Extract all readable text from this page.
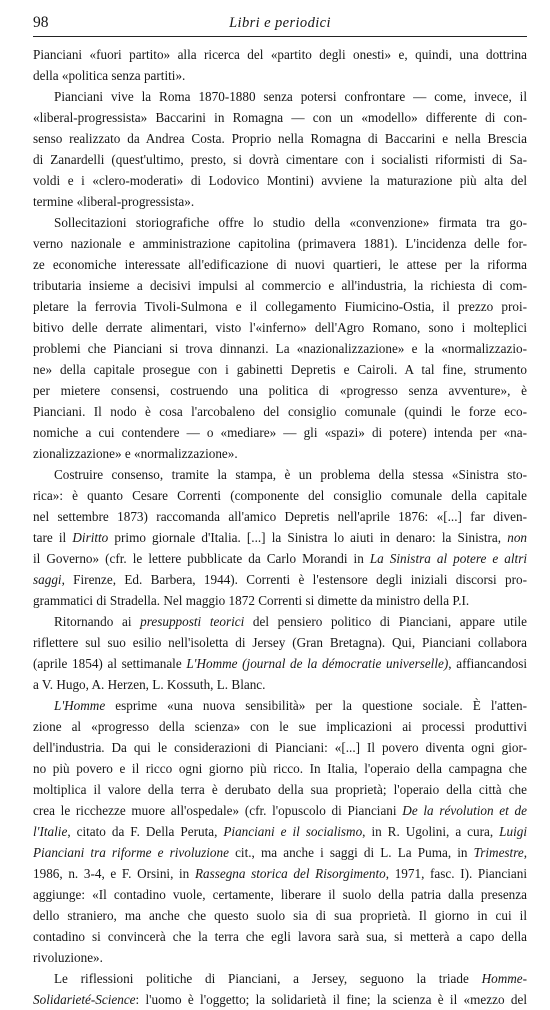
98	Libri e periodici
Pianciani «fuori partito» alla ricerca del «partito degli onesti» e, quindi, una dottrina
della «politica senza partiti».
Pianciani vive la Roma 1870-1880 senza potersi confrontare — come, invece, il
«liberal-progressista» Baccarini in Romagna — con un «modello» differente di con-
senso realizzato da Andrea Costa. Proprio nella Romagna di Baccarini e nella Brescia
di Zanardelli (quest'ultimo, presto, si dovrà cimentare con i socialisti riformisti di Sa-
voldi e i «clero-moderati» di Lodovico Montini) avviene la maturazione più alta del
termine «liberal-progressista».
Sollecitazioni storiografiche offre lo studio della «convenzione» firmata tra go-
verno nazionale e amministrazione capitolina (primavera 1881). L'incidenza delle for-
ze economiche interessate all'edificazione di nuovi quartieri, le attese per la riforma
tributaria insieme a decisivi impulsi al commercio e all'industria, la richiesta di com-
pletare la ferrovia Tivoli-Sulmona e il collegamento Fiumicino-Ostia, il prezzo proi-
bitivo delle derrate alimentari, visto l'«inferno» dell'Agro Romano, sono i molteplici
problemi che Pianciani si trova dinnanzi. La «nazionalizzazione» e la «normalizzazio-
ne» della capitale prosegue con i gabinetti Depretis e Cairoli. A tal fine, strumento
per mietere consensi, costruendo una politica di «progresso senza avventure», è
Pianciani. Il nodo è cosa l'arcobaleno del consiglio comunale (quindi le forze eco-
nomiche a cui contendere — o «mediare» — gli «spazi» di potere) intenda per «na-
zionalizzazione» e «normalizzazione».
Costruire consenso, tramite la stampa, è un problema della stessa «Sinistra sto-
rica»: è quanto Cesare Correnti (componente del consiglio comunale della capitale
nel settembre 1873) raccomanda all'amico Depretis nell'aprile 1876: «[...] far diven-
tare il Diritto primo giornale d'Italia. [...] la Sinistra lo aiuti in denaro: la Sinistra, non
il Governo» (cfr. le lettere pubblicate da Carlo Morandi in La Sinistra al potere e altri
saggi, Firenze, Ed. Barbera, 1944). Correnti è l'estensore degli iniziali discorsi pro-
grammatici di Stradella. Nel maggio 1872 Correnti si dimette da ministro della P.I.
Ritornando ai presupposti teorici del pensiero politico di Pianciani, appare utile
riflettere sul suo esilio nell'isoletta di Jersey (Gran Bretagna). Qui, Pianciani collabora
(aprile 1854) al settimanale L'Homme (journal de la démocratie universelle), affiancandosi
a V. Hugo, A. Herzen, L. Kossuth, L. Blanc.
L'Homme esprime «una nuova sensibilità» per la questione sociale. È l'atten-
zione al «progresso della scienza» con le sue implicazioni ai processi produttivi
dell'industria. Da qui le considerazioni di Pianciani: «[...] Il povero diventa ogni gior-
no più povero e il ricco ogni giorno più ricco. In Italia, l'operaio della campagna che
moltiplica il valore della terra è derubato della sua proprietà; l'operaio della città che
crea le ricchezze muore all'ospedale» (cfr. l'opuscolo di Pianciani De la révolution et de
l'Italie, citato da F. Della Peruta, Pianciani e il socialismo, in R. Ugolini, a cura, Luigi
Pianciani tra riforme e rivoluzione cit., ma anche i saggi di L. La Puma, in Trimestre,
1986, n. 3-4, e F. Orsini, in Rassegna storica del Risorgimento, 1971, fasc. I). Pianciani
aggiunge: «Il contadino vuole, certamente, liberare il suolo della patria dalla presenza
dello straniero, ma anche che questo suolo sia di sua proprietà. Il giorno in cui il
contadino si convincerà che la terra che egli lavora sarà sua, si metterà a capo della
rivoluzione».
Le riflessioni politiche di Pianciani, a Jersey, seguono la triade Homme-
Solidarieté-Science: l'uomo è l'oggetto; la solidarietà il fine; la scienza è il «mezzo del
